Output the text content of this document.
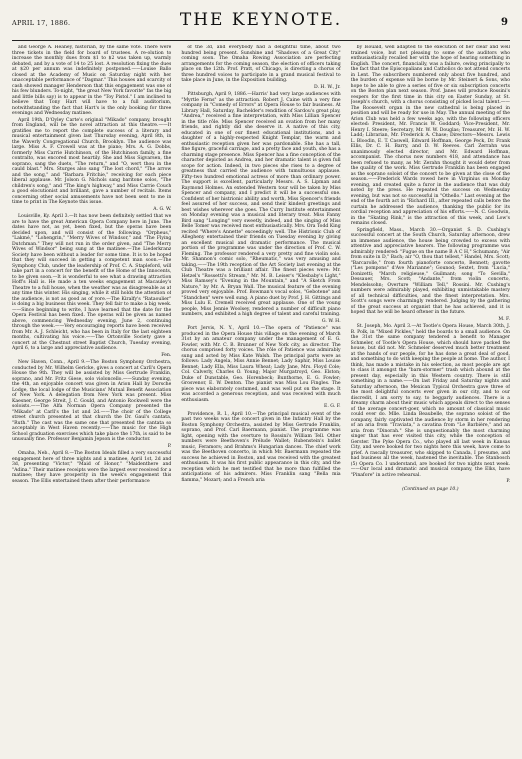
APRIL 17, 1886.	THE KEYNOTE.	9

and George A. Heaney, historian, by the same vote. There were three tickets in the field for board of trustees. A re-olution to increase the monthly dues from $1 to $2 was taken up, warmly debated, and by a vote of 14 to 25 lost. A resolution fixing the dues at $20 per annum was indefinitely postponed.——Louise Ballo closed at the Academy of Music on Saturday night with her unacceptable performance of "Dagmar." This houses and scarcity of cash showed manager Henderson that this engagement was one of his few blunders. To-night, "the great New York favorite" fas the big and little bills say) is to appear in the "Toy Pistol." I am inclined to believe that Tony Hart will have to a full auditorium, notwithstanding the fact that Hart's is the only booking for three evenings and Wednesday matinee.

April 19th, D'Oyley Carte's original "Mikado" company, brought from England, will be the novel attraction at this theatre.——It gratifies me to report the complete success of a literary and musical entertainment given last Thursday evening, April 8th, in the Waverly Congregational Church, Brooklyn. The audience was large. Miss A. F. Crowell was at the piano; Mrs. A. G. Dobbs, formerly Miss Carrie Hutchinson, of the Hutchinson family, a fine contralto, was encored most heartily. She and Miss Sigvarsen, the soprano, sang the duets, "The return," and "O, wert thou in the cauld blast." Mrs. Sturges also sang "The lost chord," "The arrow and the song," and "Barbara Fritchie," receiving for each piece liberal applause. Mr. Jolson G. Nichols sang baritone solos, "The children's song," and "The king's highway," and Miss Carrie Couch a good elocutionist and brilliant, gave a number of recitals. Items concerning other social amusements have not been sent to me in time to print in The Keynote this issue.

A. G. W.

Louisville, Ky. April 3.—It has now been definitely settled that we are to have the great American Opera Company here in June. The dates have not, as yet, been fixed, but the operas have been decided upon, and will consist of the following: "Orpheus," "Lakmé," "Lohengrin," "Merry Wives of Windsor," and "The Flying Dutchman." They will not run in the order given, and "The Merry Wives of Windsor" being sung at the matinee.—The Liederkranz Society have been without a leader for some time. It is to be hoped that they will succeed in getting a competent man soon.—The Symphony Club, under the leadership of Prof. C. A. Stapleford, will take part in a concert for the benefit of the Home of the Innocents, to be given soon.—It is wonderful to see what a drawing attraction Hoff's Hall is. He made a ten weeks engagement at Macauley's Theatre to a full house, when the weather was as disagreeable as at any time this winter. His singing, while it still holds the attention of the audience, is not as good as of yore.—The Kiralfy's "Rataoulier" is doing a big business this week. They fell fair to make a big week.——Since beginning to write, I have learned that the date for the Opera Festival has been fixed. The operas will be given as named above, commencing Wednesday evening, June 2, continuing through the week.——Very encouraging reports have been received from Mr. A. J. Schleicht, who has been in Italy for the last eighteen months, cultivating his voice.——The Ortonville Society gave a concert at the Chestnut street Baptist Church, Tuesday evening, April 6, to a large and appreciative audience.

Fen.

New Haven, Conn., April 9.—The Boston Symphony Orchestra, conducted by Mr. Wilhelm Gericke, gives a concert at Carll's Opera House the 9th. They will be assisted by Miss Gertrude Franklin, soprano, and Mr. Fritz Giese, solo violoncello.——Sunday evening, the 4th, an enjoyable concert was given in Arion Hall by Dorsche Lodge, the local lodge of the Musicians' Mutual Benefit Association of New York. A delegation from New York was present. Miss Kaesner, George Streit, J. C. Gould, and Antonio Rockwell were the soloists.——The Alfa Norman Opera Company presented the "Mikado" at Carll's the 1st and 2d.——The choir of the College street church presented at that church the Dr. Gaul's cantata, "Ruth." The cast was the same one that presented the cantata so acceptably in West Haven recently.——The music for the High School graduation exercises which take place the 17th, is said to be unusually fine. Professor Benjamin Jepson is the conductor.

P.

Omaha, Neb., April 8.—The Boston Ideals filled a very successful engagement here of three nights and a matinee, April 1st, 2d and 3d, presenting "Victor," "Maid of Honor," "Maidenthere and "Adina." Their matinee receipts were the largest ever received for a matinee; they have prosperity in the week's engagement this season. The Ellis entertained them after their performance

of the 3d, and everybody had a delightful time, about two hundred being present. Sunshine and "Shadows of a Great City" coming soon. The Omaha Rowing Association are perfecting arrangements for the coming season, the election of officers taking place on the 12th. Prof. Pratt, of Chicago, is directing a chorus of three hundred voices to participate in a grand musical festival to take place in June, in the Exposition building.

D. H. W., Jr.

Pittsburgh, April 9, 1886.—Harris' had very large audiences with "Myrtle Ferns" as the attraction. Robert J. Caine with a very fine company in "Comedy of Errors" at Opera House to fair business. At Library Hall, Saturday, Bachelder's rendition of Sardou's great play, "Andrea," received a fine interpretation, with Miss Lillian Spencer in the title rôle. Miss Spencer received an ovation from her many friends, and rightly did she deserve it. A native of this city, educated in one of our finest educational institutions, and a daughter of a highly-respected Knight Templar, the warm and enthusiastic reception given her was pardonable. She has a tall, fine figure, graceful carriage, and a pretty face and youth, she has a charming stage presence. Miss Spencer has a fine conception of the character depicted as Andrea, and her dramatic talent is given full scope for action. Indeed, in two pieces she rises to a degree of greatness that carried the audience with tumultuous applause. Fifty-two hundred emotional actress of more than ordinary power. The support is excellent, particularly Messrs. A. S. Lipman and Raymond Holmes. An extended Western tour will be taken by Miss Spencer and company, and I predict it will be a successful one. Confident of her histrionic ability and worth, Miss Spencer's friends feel assured of her success, and send their kindest greetings and best wishes wherever she goes. The Curry Institute entertainment on Monday evening was a musical and literary treat. Miss Fanny Bird sang "Longing" very sweetly, indeed, and the singing of Miss Belle Tomer was received most enthusiastically. Mrs. Ora Todd King recited "Where's Annette" exceedingly well. The Histrionic Club of Allegheny entertained their friends on Tuesday evening by giving an excellent musical and dramatic performance. The musical portion of the programme was under the direction of Prof. C. W. Fleming. The professor rendered a very pretty and fine violin solo. Mr. Shannon's comic solo, "Rheumatic," was very amusing and taking.——The 19th reception of the Art Society last evening at the Club Theatre was a brilliant affair. The finest pieces were: Mr. Hetzel's "Rossetti's Stream," Mr. M. B. Leiser's "Klesbaby's Light," Miss Ramsey's "Evening in the Mountain," and "A Sketch From Nature," by Mr. A. Bryan Wall. The musical feature of the evening proved very enjoyable. Prof. Bowman's vocal solos, "Gebotene" and "Standchen" were well sung. A piano duet by Prof. J. H. Gittings and Miss Lulu E. Cremell received great applause. One of the voung people, Miss Jennie Woolsey, rendered a number of difficult piano numbers, and exhibited a high degree of talent and careful training.

G. W. H.

Port Jervis, N. Y., April 10.—The opera of "Patience" was produced in the Opera House this village on the evening of March 31st by an amateur company under the management of E. G. Fowler, with Mr. C. B. Brunner of New York city, as director. The chorus comprised forty voices. The rôle of Patience was admirably sung and acted by Miss Kate Walsh. The principal parts were as follows: Lady Angela, Miss Annie Bennet; Lady Saphir, Miss Louise Bennet; Lady Ella, Miss Laura Wheat; Lady Jane, Mrs. Floyd Cole; Col. Calverly, Charles O. Young; Major Murgatroyd, Geo. Elston; Duke of Dunstable, Geo. Horenbeck; Bunthorne, E. G. Fowler; Grosvenor, E. W. Denton. The pianist was Miss Lou Fingles. The piece was elaborately costumed, and was well put on the stage. It was accorded a generous reception, and was received with much enthusiasm.

E. G. F.

Providence, R. I., April 10.—The principal musical event of the past two weeks was the concert given in the Infantry Hall by the Boston Symphony Orchestra, assisted by Miss Gertrude Franklin, soprano, and Prof. Carl Baermann, pianist. The programme was light, opening with the overture to Rossini's William Tell. Other numbers were Beethoven's Prélude Wallet; Rubenstein's ballet music, Feramors; and Brahms's Hungarian dances. The chief work was the Beethoven concerto, in which Mr. Baermann repeated the success he achieved in Boston, and was received with the greatest enthusiasm. It was his first public appearance in this city, and the reception which he met testified that he more than fulfilled the anticipations of his admirers. Miss Franklin sang "Bella mia fiamma," Mozart; and a French aria

by Isouald, well adapted to the execution of her clear and well trained voice, but not pleasing to some of the auditors who enthusiastically recalled her with the hope of hearing something in English. The concert, financially, was a failure, owing principally to the fact that the Episcopalians and Catholics do not attend concerts in Lent. The subscribers numbered only about five hundred, and the burden of expense will be borne by Mr. Steinert & Sons, who hope to be able to give a series of five or six subscription concerts on the Boston plan next season. Prof. Janes will produce Rossini's vespers for the first time in this city on Easter Sunday, at St. Joseph's church, with a chorus consisting of picked local talent.——The Roosevelt organ in the new cathedral is being placed in position and will be ready for use in May. The annual meeting of the Arion Club was held a few weeks ago, with the following officers elected: President, Mr. Francis W. Goddard; Vice-President, Mr. Henry I. Steere; Secretary, Mr. W. W. Douglas; Treasurer, Mr. H. W. Ladd; Librarian, Mr. Frederick A. Chase; Directors—Messrs. Lewis L. Bloodin, E. T. Caswell, Edward Hoffman, George Peck, Dr. Frank Ellis, Dr. C. H. Barry, and D. W. Reeves. Carl Zerrahn was unanimously elected director, and Mr. Edward Hoffman, accompanist. The chorus now numbers 418, and attendance has been refused to many, as Mr. Zerahn thought it would deter from the quality of the work. Miss Gertrude Franklin has been engaged as the soprano soloist of the concert to be given at the close of the season.——Frederick Wards rowed here in Virginius on Monday evening, and created quite a furor in the audience that was duly noted by the press. He repeated the success on Wednesday evening, but was not so successful in "Othello." Last evening at the end of the fourth act in "Richard III., after repeated calls before the curtain he addressed the audience, thanking the public for its cordial reception and appreciation of his efforts.——N. C. Goodwin, in the "Skating Rink," is the attraction of this week, and Low's remains closed.

Springfield, Mass., March 30.—Organist S. D. Cushing's successful concert at the South Church, Saturday afternoon, drew an immense audience, the house being crowded to excess with attentive and appreciative hearers. The following programme was admirably rendered: "Fugue on the name B A C H," Schumann; "Air from suite in D," Bach; air "O, thou that tellest," Handel, Mrs. Scott; "Barcarolle," from fourth pianoforte concerto, Bennett; gavotte ("Les pompons" d'Ave Marianne"; Gounod; Sextet, from "Lucia," Donizetti; "March religieuse," Guilmant; song "To Sevilla," Dessauer, Mrs. Scott; "Andante," from violin concerto, Mendelssohn; Overture "William Tell," Rossini. Mr. Cushing's numbers were admirably played, exhibiting unmistakable mastery of all technical difficulties, and the finest interpretation. Mrs. Scott's songs were charmingly rendered. Judging by the gathering of the great success at organist that he has achieved, and it is hoped that he will be heard oftener in the future.

M. F.

St. Joseph, Mo. April 3.—At Tootle's Opera House, March 30th, J. B. Polk, in "Mixed Pickles," held the boards to a small audience. On the 31st the same company tendered a benefit to Manager Schmeler, of Tootle's Opera House, which should have packed the house, but did not. Mr. Schmeler deserved much better treatment at the hands of our people, for he has done a great deal of good, and something to do with keeping the people at home. The author, I think, has made a mistake in his selection, as most people are apt to class it amongst the "barn-stormer" trash which abound at the present day, especially in this Western country. There is still something in a name.——On last Friday and Saturday nights and Saturday afternoon, the Mexican Typical Orchestra gave three of the most delightful concerts ever given in our city, and to our discredit, I am sorry to say, to beggarly audiences. There is a dreamy charm about their music which appeals direct to the senses of the average concert-goer, which no amount of classical music could ever do. Mlle. Linda Beaubelle, the soprano soloist of the company, fairly captivated the audience by storm in her rendering of an aria from "Traviata," a cavatina from "Le Barbière," and an aria from "Dinorah." She is unquestionably the most charming singer that has ever visited this city, while the conception of Gerster. The Pyke Opera Co., who played all last week in Kansas City, and were booked for two nights here this week, have come to grief. A rascally treasurer, who skipped to Canada, I presume, and had business all the week, hastened the inevitable. The Stanbosch (5) Opera Co. I understand, are booked for two nights next week.——Our local and dramatic and musical company, the Elks, have "Pinafore" in active rehearsal.

P.
(Continued on page 10.)
